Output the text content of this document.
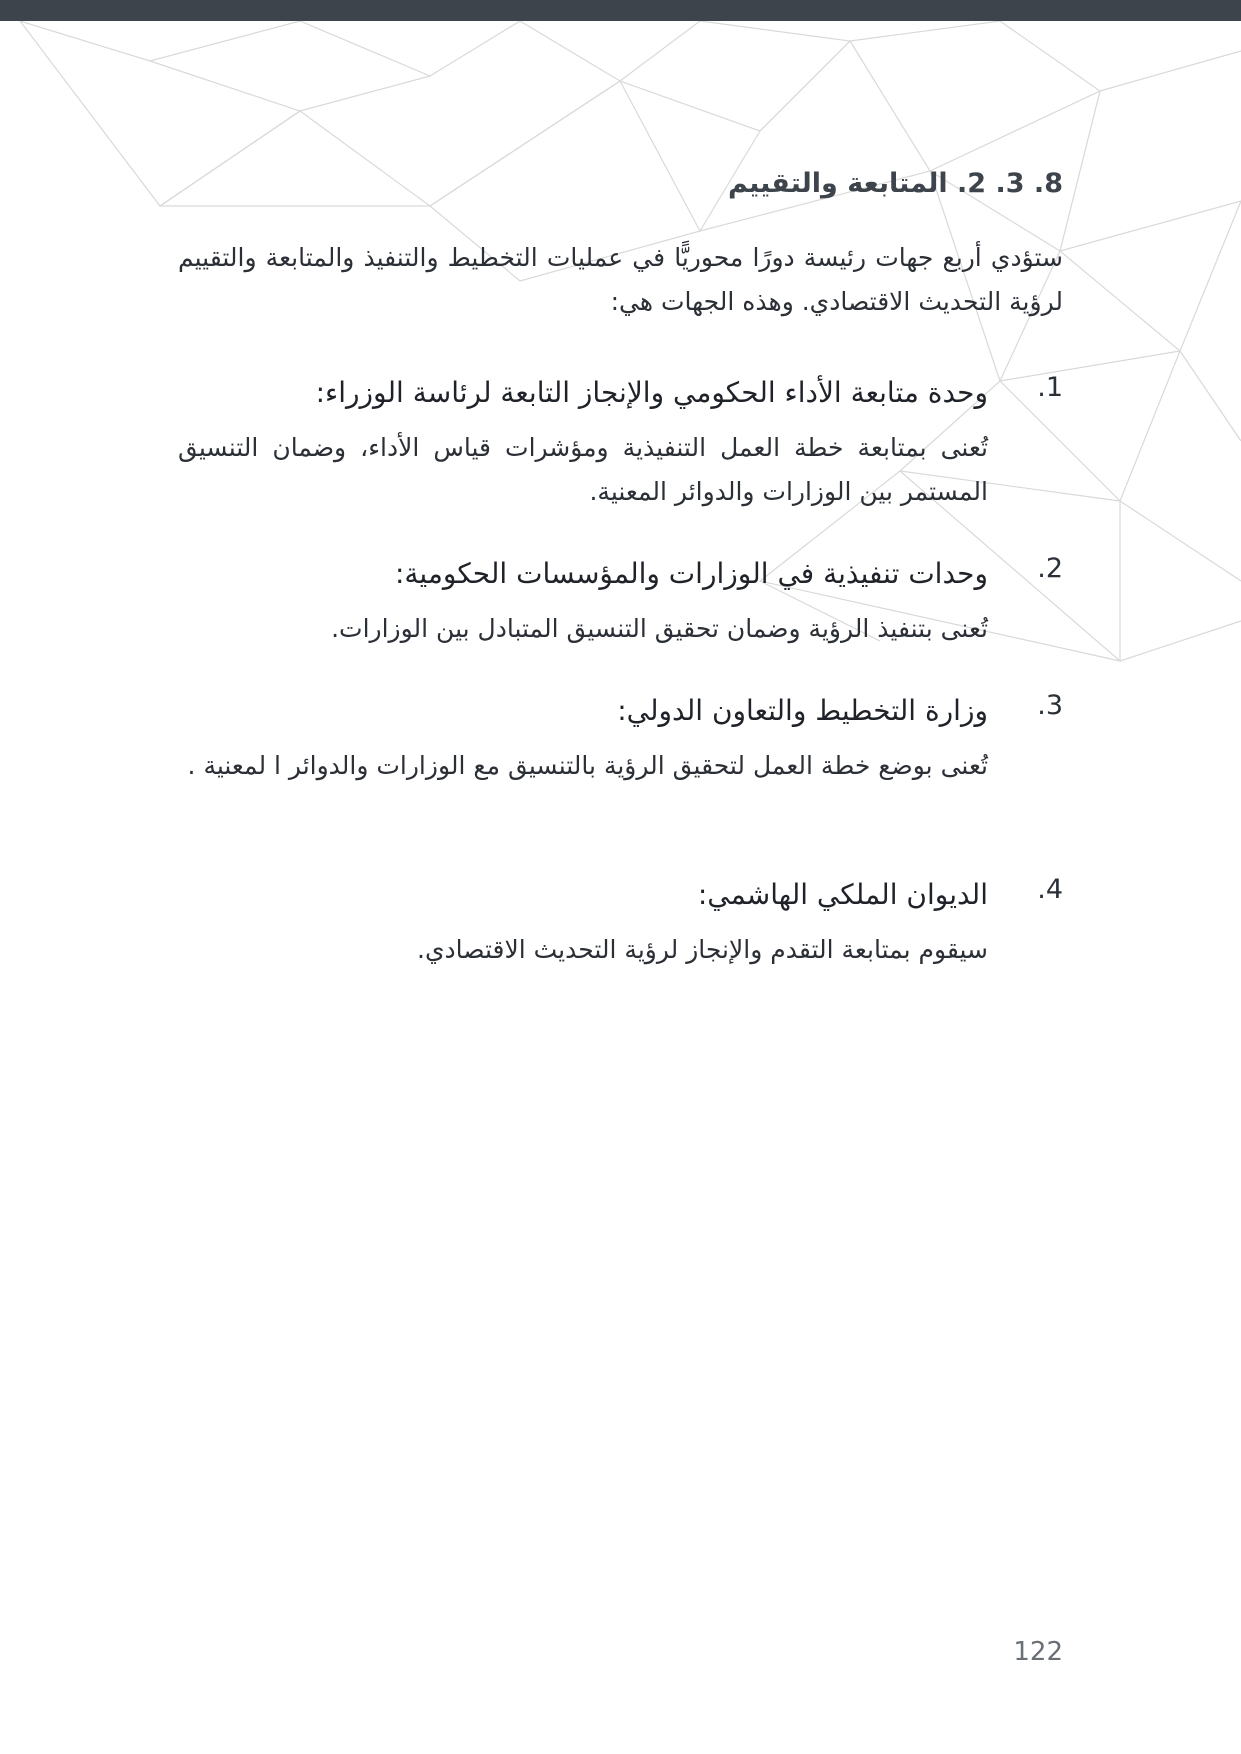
8. 3. 2. المتابعة والتقييم

ستؤدي أربع جهات رئيسة دورًا محوريًّا في عمليات التخطيط والتنفيذ والمتابعة والتقييم لرؤية التحديث الاقتصادي. وهذه الجهات هي:

1.

وحدة متابعة الأداء الحكومي والإنجاز التابعة لرئاسة الوزراء:

تُعنى بمتابعة خطة العمل التنفيذية ومؤشرات قياس الأداء، وضمان التنسيق المستمر بين الوزارات والدوائر المعنية.

2.

وحدات تنفيذية في الوزارات والمؤسسات الحكومية:

تُعنى بتنفيذ الرؤية وضمان تحقيق التنسيق المتبادل بين الوزارات.

3.

وزارة التخطيط والتعاون الدولي:

تُعنى بوضع خطة العمل لتحقيق الرؤية بالتنسيق مع الوزارات والدوائر ا لمعنية .

4.

الديوان الملكي الهاشمي:

سيقوم بمتابعة التقدم والإنجاز لرؤية التحديث الاقتصادي.

122
